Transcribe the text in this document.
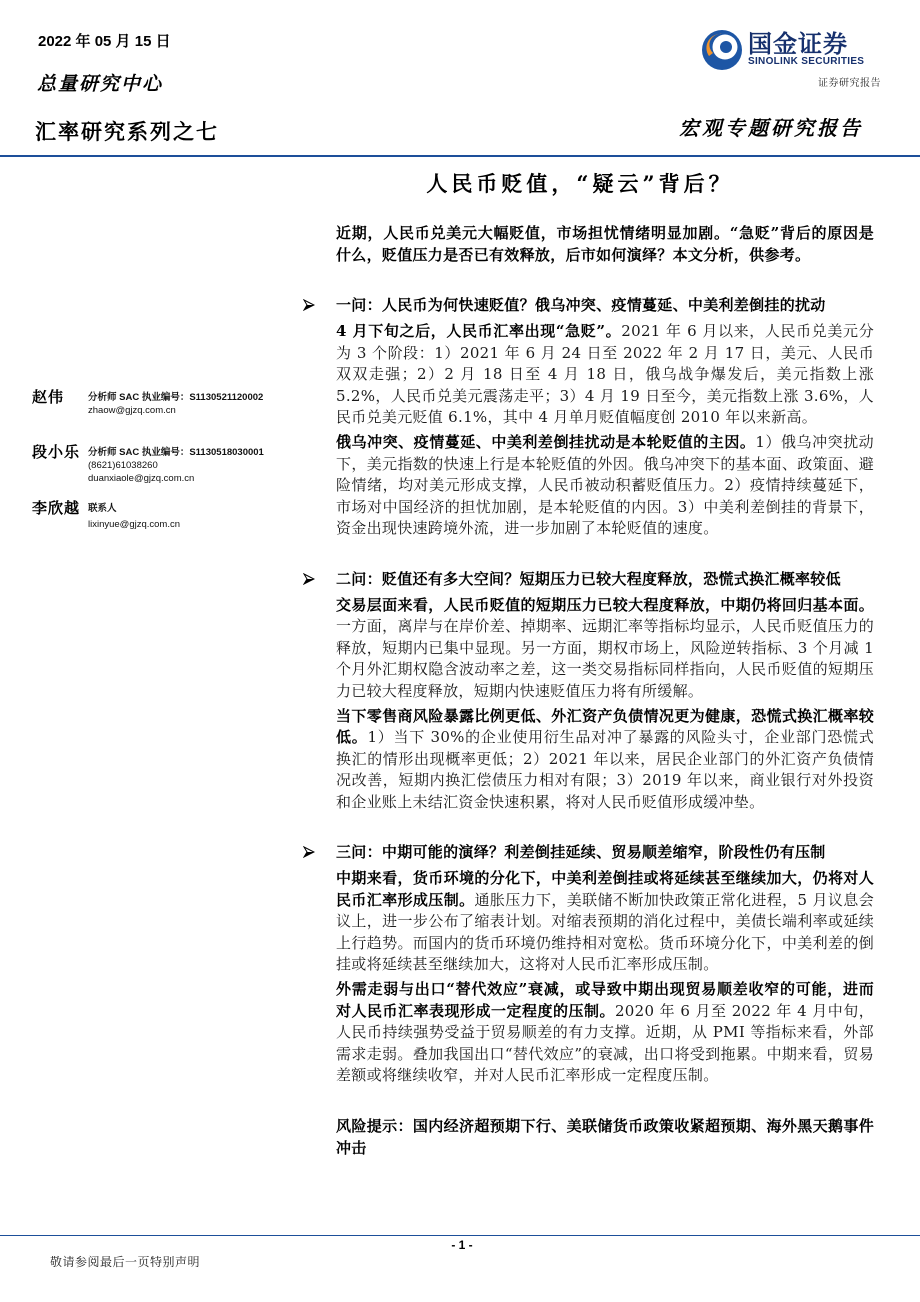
2022 年 05 月 15 日
总量研究中心
汇率研究系列之七	宏观专题研究报告
国金证券
SINOLINK SECURITIES
证券研究报告
人民币贬值，“疑云”背后？
赵伟	分析师 SAC 执业编号：S1130521120002
zhaow@gjzq.com.cn
段小乐 分析师 SAC 执业编号：S1130518030001
(8621)61038260
duanxiaole@gjzq.com.cn
李欣越 联系人
lixinyue@gjzq.com.cn

近期，人民币兑美元大幅贬值，市场担忧情绪明显加剧。“急贬”背后的原因是什么，贬值压力是否已有效释放，后市如何演绎？本文分析，供参考。

一问：人民币为何快速贬值？俄乌冲突、疫情蔓延、中美利差倒挂的扰动

4 月下旬之后，人民币汇率出现“急贬”。2021 年 6 月以来，人民币兑美元分为 3 个阶段：1）2021 年 6 月 24 日至 2022 年 2 月 17 日，美元、人民币双双走强；2）2 月 18 日至 4 月 18 日，俄乌战争爆发后，美元指数上涨 5.2%，人民币兑美元震荡走平；3）4 月 19 日至今，美元指数上涨 3.6%，人民币兑美元贬值 6.1%，其中 4 月单月贬值幅度创 2010 年以来新高。

俄乌冲突、疫情蔓延、中美利差倒挂扰动是本轮贬值的主因。1）俄乌冲突扰动下，美元指数的快速上行是本轮贬值的外因。俄乌冲突下的基本面、政策面、避险情绪，均对美元形成支撑，人民币被动积蓄贬值压力。2）疫情持续蔓延下，市场对中国经济的担忧加剧，是本轮贬值的内因。3）中美利差倒挂的背景下，资金出现快速跨境外流，进一步加剧了本轮贬值的速度。

二问：贬值还有多大空间？短期压力已较大程度释放，恐慌式换汇概率较低

交易层面来看，人民币贬值的短期压力已较大程度释放，中期仍将回归基本面。一方面，离岸与在岸价差、掉期率、远期汇率等指标均显示，人民币贬值压力的释放，短期内已集中显现。另一方面，期权市场上，风险逆转指标、3 个月减 1 个月外汇期权隐含波动率之差，这一类交易指标同样指向，人民币贬值的短期压力已较大程度释放，短期内快速贬值压力将有所缓解。

当下零售商风险暴露比例更低、外汇资产负债情况更为健康，恐慌式换汇概率较低。1）当下 30%的企业使用衍生品对冲了暴露的风险头寸，企业部门恐慌式换汇的情形出现概率更低；2）2021 年以来，居民企业部门的外汇资产负债情况改善，短期内换汇偿债压力相对有限；3）2019 年以来，商业银行对外投资和企业账上未结汇资金快速积累，将对人民币贬值形成缓冲垫。

三问：中期可能的演绎？利差倒挂延续、贸易顺差缩窄，阶段性仍有压制

中期来看，货币环境的分化下，中美利差倒挂或将延续甚至继续加大，仍将对人民币汇率形成压制。通胀压力下，美联储不断加快政策正常化进程，5 月议息会议上，进一步公布了缩表计划。对缩表预期的消化过程中，美债长端利率或延续上行趋势。而国内的货币环境仍维持相对宽松。货币环境分化下，中美利差的倒挂或将延续甚至继续加大，这将对人民币汇率形成压制。

外需走弱与出口“替代效应”衰减，或导致中期出现贸易顺差收窄的可能，进而对人民币汇率表现形成一定程度的压制。2020 年 6 月至 2022 年 4 月中旬，人民币持续强势受益于贸易顺差的有力支撑。近期，从 PMI 等指标来看，外部需求走弱。叠加我国出口“替代效应”的衰减，出口将受到拖累。中期来看，贸易差额或将继续收窄，并对人民币汇率形成一定程度压制。

风险提示：国内经济超预期下行、美联储货币政策收紧超预期、海外黑天鹅事件冲击

- 1 -
敬请参阅最后一页特别声明
